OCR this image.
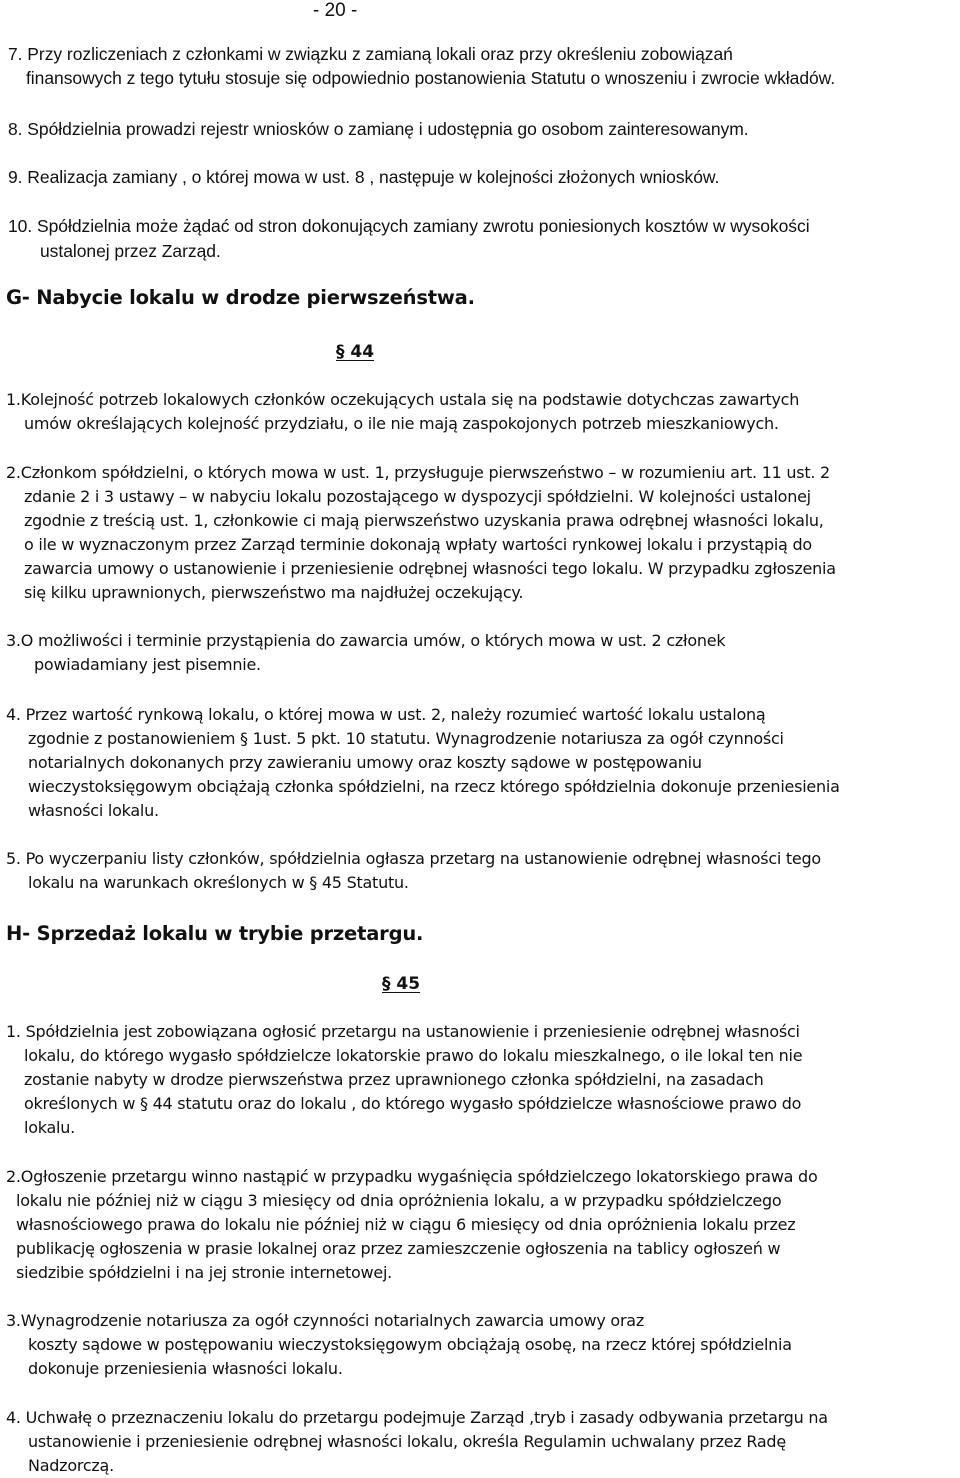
- 20 -
7. Przy rozliczeniach z członkami w związku z zamianą lokali oraz przy określeniu zobowiązań
finansowych z tego tytułu stosuje się odpowiednio postanowienia Statutu o wnoszeniu i zwrocie wkładów.
8. Spółdzielnia prowadzi rejestr wniosków o zamianę i udostępnia go osobom zainteresowanym.
9. Realizacja zamiany , o której mowa w ust. 8 , następuje w kolejności złożonych wniosków.
10. Spółdzielnia może żądać od stron dokonujących zamiany zwrotu poniesionych kosztów w wysokości
ustalonej przez Zarząd.
G- Nabycie lokalu w drodze pierwszeństwa.
§ 44
1.Kolejność potrzeb lokalowych członków oczekujących ustala się na podstawie dotychczas zawartych
umów określających kolejność przydziału, o ile nie mają zaspokojonych potrzeb mieszkaniowych.
2.Członkom spółdzielni, o których mowa w ust. 1, przysługuje pierwszeństwo – w rozumieniu art. 11 ust. 2
zdanie 2 i 3 ustawy – w nabyciu lokalu pozostającego w dyspozycji spółdzielni. W kolejności ustalonej
zgodnie z treścią ust. 1, członkowie ci mają pierwszeństwo uzyskania prawa odrębnej własności lokalu,
o ile w wyznaczonym przez Zarząd terminie dokonają wpłaty wartości rynkowej lokalu i przystąpią do
zawarcia umowy o ustanowienie i przeniesienie odrębnej własności tego lokalu. W przypadku zgłoszenia
się kilku uprawnionych, pierwszeństwo ma najdłużej oczekujący.
3.O możliwości i terminie przystąpienia do zawarcia umów, o których mowa w ust. 2 członek
powiadamiany jest pisemnie.
4. Przez wartość rynkową lokalu, o której mowa w ust. 2, należy rozumieć wartość lokalu ustaloną
zgodnie z postanowieniem § 1ust. 5 pkt. 10 statutu. Wynagrodzenie notariusza za ogół czynności
notarialnych dokonanych przy zawieraniu umowy oraz koszty sądowe w postępowaniu
wieczystoksięgowym obciążają członka spółdzielni, na rzecz którego spółdzielnia dokonuje przeniesienia
własności lokalu.
5. Po wyczerpaniu listy członków, spółdzielnia ogłasza przetarg na ustanowienie odrębnej własności tego
lokalu na warunkach określonych w § 45 Statutu.
H- Sprzedaż lokalu w trybie przetargu.
§ 45
1. Spółdzielnia jest zobowiązana ogłosić przetargu na ustanowienie i przeniesienie odrębnej własności
lokalu, do którego wygasło spółdzielcze lokatorskie prawo do lokalu mieszkalnego, o ile lokal ten nie
zostanie nabyty w drodze pierwszeństwa przez uprawnionego członka spółdzielni, na zasadach
określonych w § 44 statutu oraz do lokalu , do którego wygasło spółdzielcze własnościowe prawo do
lokalu.
2.Ogłoszenie przetargu winno nastąpić w przypadku wygaśnięcia spółdzielczego lokatorskiego prawa do
lokalu nie później niż w ciągu 3 miesięcy od dnia opróżnienia lokalu, a w przypadku spółdzielczego
własnościowego prawa do lokalu nie później niż w ciągu 6 miesięcy od dnia opróżnienia lokalu przez
publikację ogłoszenia w prasie lokalnej oraz przez zamieszczenie ogłoszenia na tablicy ogłoszeń w
siedzibie spółdzielni i na jej stronie internetowej.
3.Wynagrodzenie notariusza za ogół czynności notarialnych zawarcia umowy oraz
koszty sądowe w postępowaniu wieczystoksięgowym obciążają osobę, na rzecz której spółdzielnia
dokonuje przeniesienia własności lokalu.
4. Uchwałę o przeznaczeniu lokalu do przetargu podejmuje Zarząd ,tryb i zasady odbywania przetargu na
ustanowienie i przeniesienie odrębnej własności lokalu, określa Regulamin uchwalany przez Radę
Nadzorczą.
